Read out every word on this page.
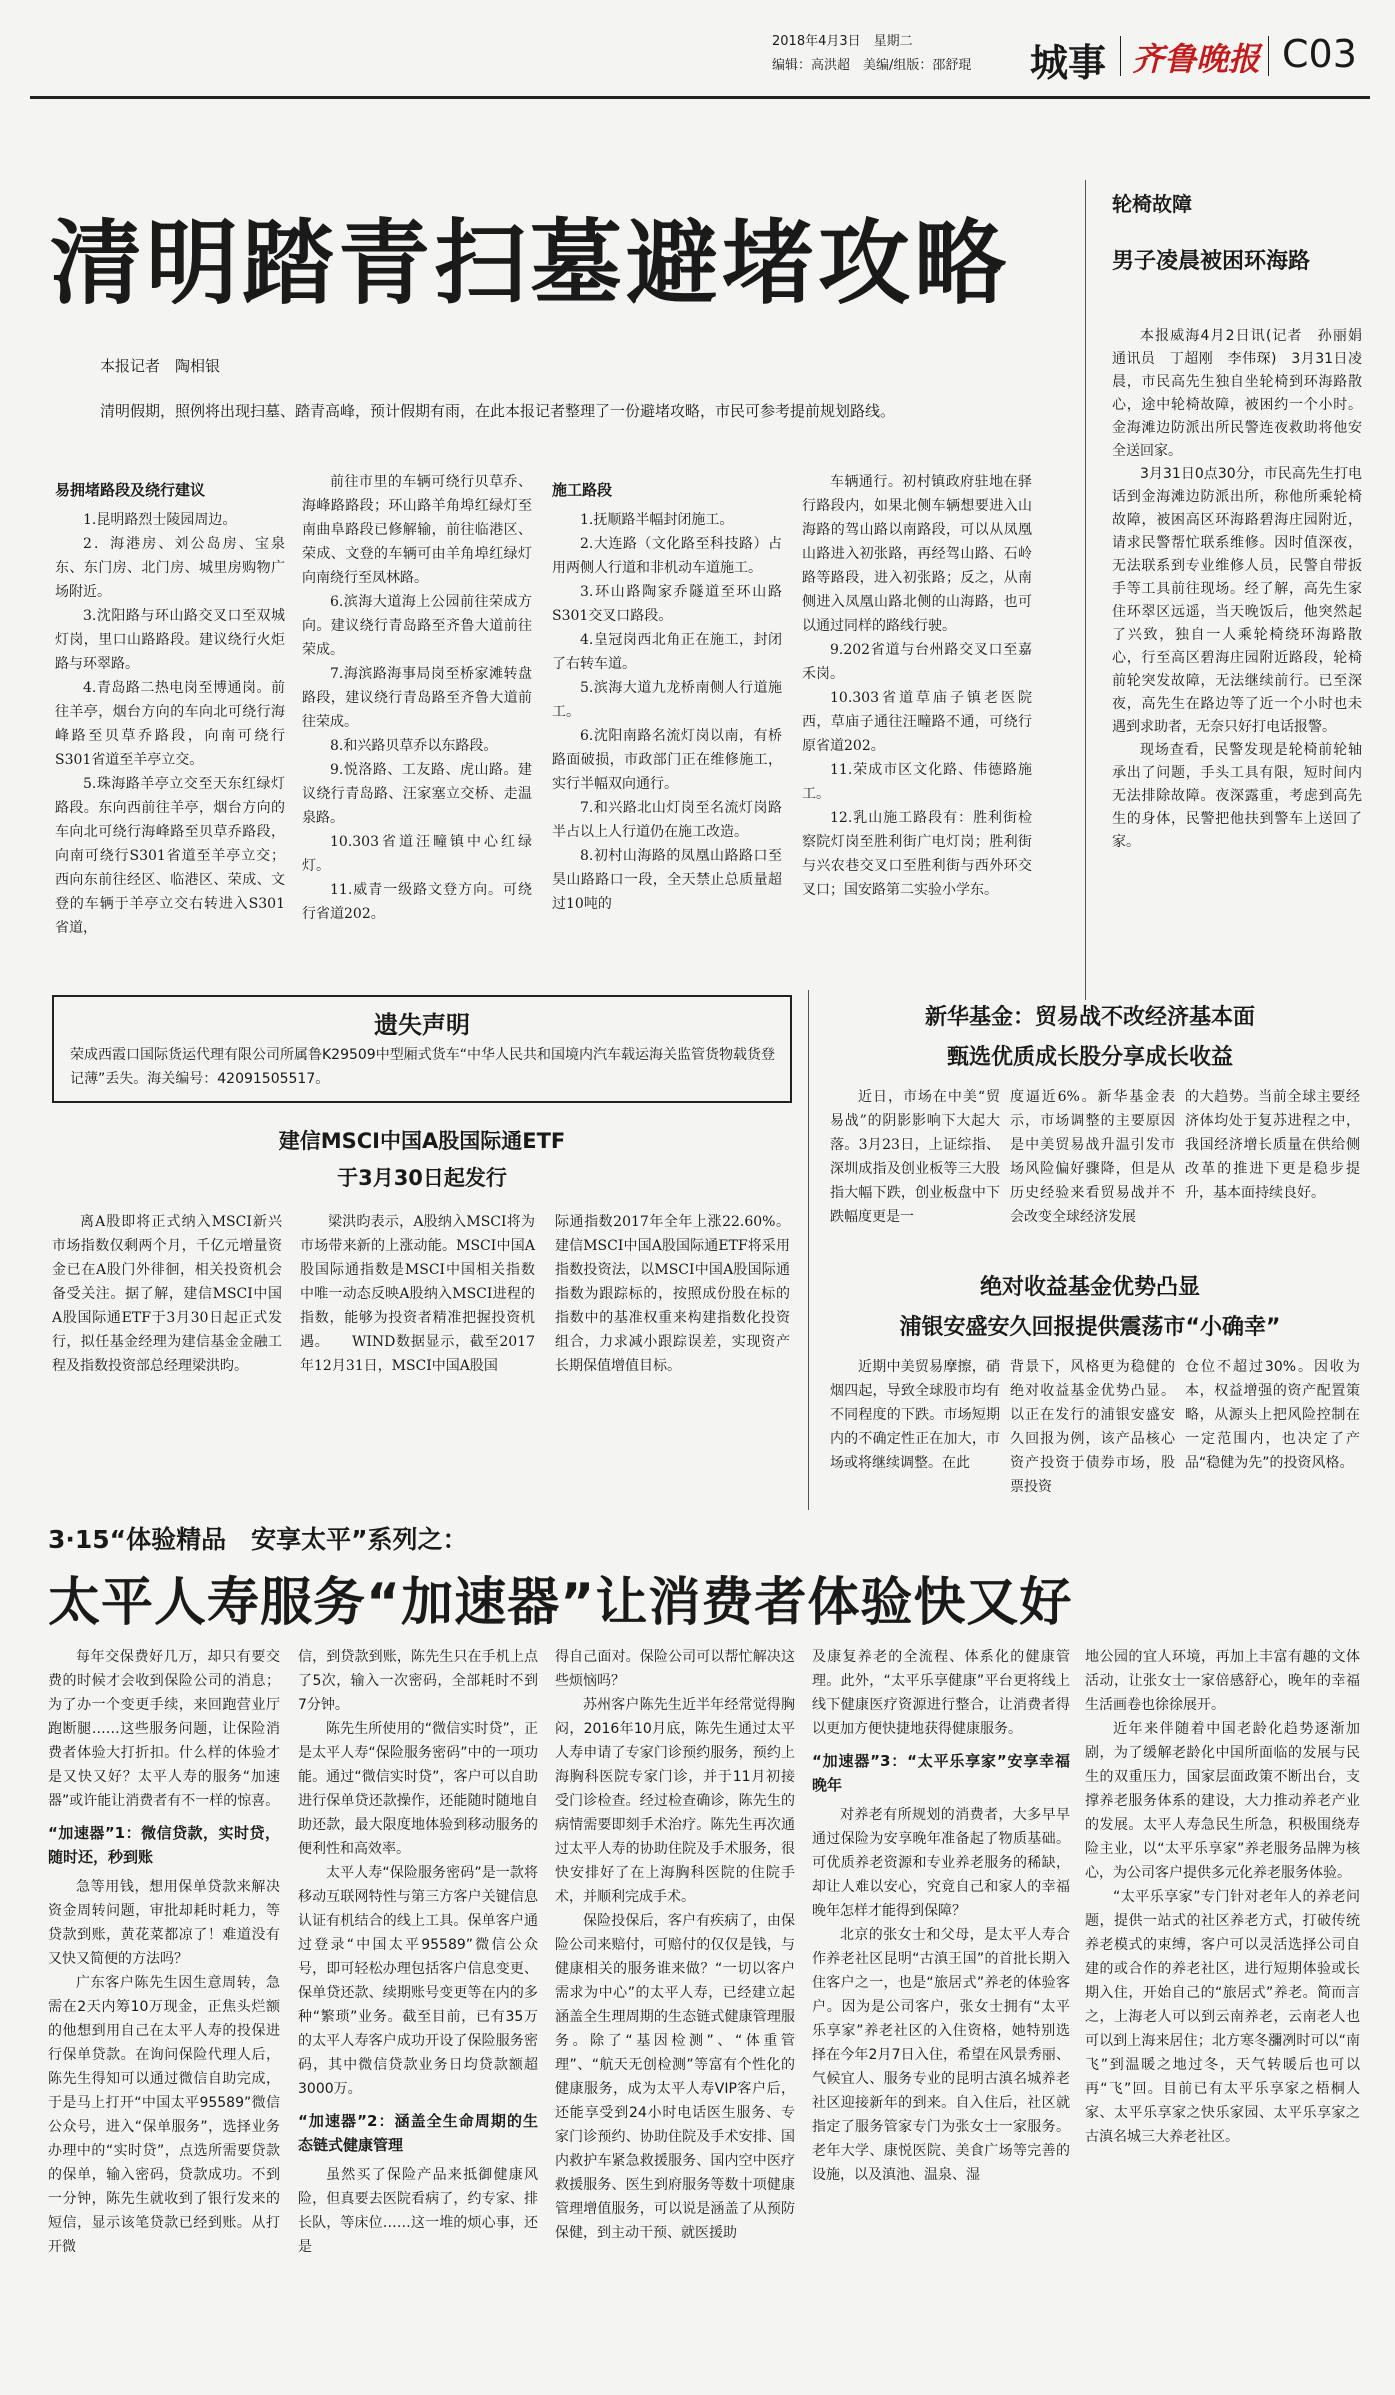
2018年4月3日　星期二
编辑：高洪超　美编/组版：邵舒琨 城事 齐鲁晚报 C03
清明踏青扫墓避堵攻略
本报记者　陶相银
清明假期，照例将出现扫墓、踏青高峰，预计假期有雨，在此本报记者整理了一份避堵攻略，市民可参考提前规划路线。
易拥堵路段及绕行建议

1.昆明路烈士陵园周边。

2．海港房、刘公岛房、宝泉东、东门房、北门房、城里房购物广场附近。

3.沈阳路与环山路交叉口至双城灯岗，里口山路路段。建议绕行火炬路与环翠路。

4.青岛路二热电岗至博通岗。前往羊亭，烟台方向的车向北可绕行海峰路至贝草乔路段，向南可绕行S301省道至羊亭立交。

5.珠海路羊亭立交至天东红绿灯路段。东向西前往羊亭，烟台方向的车向北可绕行海峰路至贝草乔路段，向南可绕行S301省道至羊亭立交；西向东前往经区、临港区、荣成、文登的车辆于羊亭立交右转进入S301省道，

前往市里的车辆可绕行贝草乔、海峰路路段；环山路羊角埠红绿灯至南曲阜路段已修解输，前往临港区、荣成、文登的车辆可由羊角埠红绿灯向南绕行至凤林路。

6.滨海大道海上公园前往荣成方向。建议绕行青岛路至齐鲁大道前往荣成。

7.海滨路海事局岗至桥家滩转盘路段，建议绕行青岛路至齐鲁大道前往荣成。

8.和兴路贝草乔以东路段。

9.悦洛路、工友路、虎山路。建议绕行青岛路、汪家塞立交桥、走温泉路。

10.303省道汪疃镇中心红绿灯。

11.威青一级路文登方向。可绕行省道202。

施工路段

1.抚顺路半幅封闭施工。

2.大连路（文化路至科技路）占用两侧人行道和非机动车道施工。

3.环山路陶家乔隧道至环山路S301交叉口路段。

4.皇冠岗西北角正在施工，封闭了右转车道。

5.滨海大道九龙桥南侧人行道施工。

6.沈阳南路名流灯岗以南，有桥路面破损，市政部门正在维修施工，实行半幅双向通行。

7.和兴路北山灯岗至名流灯岗路半占以上人行道仍在施工改造。

8.初村山海路的凤凰山路路口至昊山路路口一段，全天禁止总质量超过10吨的

车辆通行。初村镇政府驻地在驿行路段内，如果北侧车辆想要进入山海路的驾山路以南路段，可以从凤凰山路进入初张路，再经驾山路、石岭路等路段，进入初张路；反之，从南侧进入凤凰山路北侧的山海路，也可以通过同样的路线行驶。

9.202省道与台州路交叉口至嘉禾岗。

10.303省道草庙子镇老医院西，草庙子通往汪疃路不通，可绕行原省道202。

11.荣成市区文化路、伟德路施工。

12.乳山施工路段有：胜利街检察院灯岗至胜利街广电灯岗；胜利街与兴农巷交叉口至胜利街与西外环交叉口；国安路第二实验小学东。

轮椅故障
男子凌晨被困环海路

本报威海4月2日讯(记者　孙丽娟　通讯员　丁超刚　李伟琛)　3月31日凌晨，市民高先生独自坐轮椅到环海路散心，途中轮椅故障，被困约一个小时。金海滩边防派出所民警连夜救助将他安全送回家。

3月31日0点30分，市民高先生打电话到金海滩边防派出所，称他所乘轮椅故障，被困高区环海路碧海庄园附近，请求民警帮忙联系维修。因时值深夜，无法联系到专业维修人员，民警自带扳手等工具前往现场。经了解，高先生家住环翠区远遥，当天晚饭后，他突然起了兴致，独自一人乘轮椅绕环海路散心，行至高区碧海庄园附近路段，轮椅前轮突发故障，无法继续前行。已至深夜，高先生在路边等了近一个小时也未遇到求助者，无奈只好打电话报警。

现场查看，民警发现是轮椅前轮轴承出了问题，手头工具有限，短时间内无法排除故障。夜深露重，考虑到高先生的身体，民警把他扶到警车上送回了家。

遗失声明
荣成西霞口国际货运代理有限公司所属鲁K29509中型厢式货车“中华人民共和国境内汽车载运海关监管货物载货登记薄”丢失。海关编号：42091505517。
建信MSCI中国A股国际通ETF
于3月30日起发行
离A股即将正式纳入MSCI新兴市场指数仅剩两个月，千亿元增量资金已在A股门外徘徊，相关投资机会备受关注。据了解，建信MSCI中国A股国际通ETF于3月30日起正式发行，拟任基金经理为建信基金金融工程及指数投资部总经理梁洪昀。
梁洪昀表示，A股纳入MSCI将为市场带来新的上涨动能。MSCI中国A股国际通指数是MSCI中国相关指数中唯一动态反映A股纳入MSCI进程的指数，能够为投资者精准把握投资机遇。　　WIND数据显示，截至2017年12月31日，MSCI中国A股国
际通指数2017年全年上涨22.60%。建信MSCI中国A股国际通ETF将采用指数投资法，以MSCI中国A股国际通指数为跟踪标的，按照成份股在标的指数中的基准权重来构建指数化投资组合，力求减小跟踪误差，实现资产长期保值增值目标。
新华基金：贸易战不改经济基本面
甄选优质成长股分享成长收益
近日，市场在中美“贸易战”的阴影影响下大起大落。3月23日，上证综指、深圳成指及创业板等三大股指大幅下跌，创业板盘中下跌幅度更是一
度逼近6%。新华基金表示，市场调整的主要原因是中美贸易战升温引发市场风险偏好骤降，但是从历史经验来看贸易战并不会改变全球经济发展
的大趋势。当前全球主要经济体均处于复苏进程之中，我国经济增长质量在供给侧改革的推进下更是稳步提升，基本面持续良好。
绝对收益基金优势凸显
浦银安盛安久回报提供震荡市“小确幸”
近期中美贸易摩擦，硝烟四起，导致全球股市均有不同程度的下跌。市场短期内的不确定性正在加大，市场或将继续调整。在此
背景下，风格更为稳健的绝对收益基金优势凸显。以正在发行的浦银安盛安久回报为例，该产品核心资产投资于债券市场，股票投资
仓位不超过30%。因收为本，权益增强的资产配置策略，从源头上把风险控制在一定范围内，也决定了产品“稳健为先”的投资风格。
3·15“体验精品　安享太平”系列之：
太平人寿服务“加速器”让消费者体验快又好

每年交保费好几万，却只有要交费的时候才会收到保险公司的消息；为了办一个变更手续，来回跑营业厅跑断腿……这些服务问题，让保险消费者体验大打折扣。什么样的体验才是又快又好？太平人寿的服务“加速器”或许能让消费者有不一样的惊喜。

“加速器”1：微信贷款，实时贷，随时还，秒到账

急等用钱，想用保单贷款来解决资金周转问题，审批却耗时耗力，等贷款到账，黄花菜都凉了！难道没有又快又简便的方法吗？

广东客户陈先生因生意周转，急需在2天内筹10万现金，正焦头烂额的他想到用自己在太平人寿的投保进行保单贷款。在询问保险代理人后，陈先生得知可以通过微信自助完成，于是马上打开“中国太平95589”微信公众号，进入“保单服务”，选择业务办理中的“实时贷”，点选所需要贷款的保单，输入密码，贷款成功。不到一分钟，陈先生就收到了银行发来的短信，显示该笔贷款已经到账。从打开微

信，到贷款到账，陈先生只在手机上点了5次，输入一次密码，全部耗时不到7分钟。

陈先生所使用的“微信实时贷”，正是太平人寿“保险服务密码”中的一项功能。通过“微信实时贷”，客户可以自助进行保单贷还款操作，还能随时随地自助还款，最大限度地体验到移动服务的便利性和高效率。

太平人寿“保险服务密码”是一款将移动互联网特性与第三方客户关键信息认证有机结合的线上工具。保单客户通过登录“中国太平95589”微信公众号，即可轻松办理包括客户信息变更、保单贷还款、续期账号变更等在内的多种“繁琐”业务。截至目前，已有35万的太平人寿客户成功开设了保险服务密码，其中微信贷款业务日均贷款额超3000万。

“加速器”2：涵盖全生命周期的生态链式健康管理

虽然买了保险产品来抵御健康风险，但真要去医院看病了，约专家、排长队，等床位……这一堆的烦心事，还是

得自己面对。保险公司可以帮忙解决这些烦恼吗？

苏州客户陈先生近半年经常觉得胸闷，2016年10月底，陈先生通过太平人寿申请了专家门诊预约服务，预约上海胸科医院专家门诊，并于11月初接受门诊检查。经过检查确诊，陈先生的病情需要即刻手术治疗。陈先生再次通过太平人寿的协助住院及手术服务，很快安排好了在上海胸科医院的住院手术，并顺利完成手术。

保险投保后，客户有疾病了，由保险公司来赔付，可赔付的仅仅是钱，与健康相关的服务谁来做？“一切以客户需求为中心”的太平人寿，已经建立起涵盖全生理周期的生态链式健康管理服务。除了“基因检测”、“体重管理”、“航天无创检测”等富有个性化的健康服务，成为太平人寿VIP客户后，还能享受到24小时电话医生服务、专家门诊预约、协助住院及手术安排、国内救护车紧急救援服务、国内空中医疗救援服务、医生到府服务等数十项健康管理增值服务，可以说是涵盖了从预防保健，到主动干预、就医援助

及康复养老的全流程、体系化的健康管理。此外，“太平乐享健康”平台更将线上线下健康医疗资源进行整合，让消费者得以更加方便快捷地获得健康服务。

“加速器”3：“太平乐享家”安享幸福晚年

对养老有所规划的消费者，大多早早通过保险为安享晚年准备起了物质基础。可优质养老资源和专业养老服务的稀缺，却让人难以安心，究竟自己和家人的幸福晚年怎样才能得到保障？

北京的张女士和父母，是太平人寿合作养老社区昆明“古滇王国”的首批长期入住客户之一，也是“旅居式”养老的体验客户。因为是公司客户，张女士拥有“太平乐享家”养老社区的入住资格，她特别选择在今年2月7日入住，希望在风景秀丽、气候宜人、服务专业的昆明古滇名城养老社区迎接新年的到来。自入住后，社区就指定了服务管家专门为张女士一家服务。老年大学、康悦医院、美食广场等完善的设施，以及滇池、温泉、湿

地公园的宜人环境，再加上丰富有趣的文体活动，让张女士一家倍感舒心，晚年的幸福生活画卷也徐徐展开。

近年来伴随着中国老龄化趋势逐渐加剧，为了缓解老龄化中国所面临的发展与民生的双重压力，国家层面政策不断出台，支撑养老服务体系的建设，大力推动养老产业的发展。太平人寿急民生所急，积极围绕寿险主业，以“太平乐享家”养老服务品牌为核心，为公司客户提供多元化养老服务体验。

“太平乐享家”专门针对老年人的养老问题，提供一站式的社区养老方式，打破传统养老模式的束缚，客户可以灵活选择公司自建的或合作的养老社区，进行短期体验或长期入住，开始自己的“旅居式”养老。简而言之，上海老人可以到云南养老，云南老人也可以到上海来居住；北方寒冬瀰冽时可以“南飞”到温暖之地过冬，天气转暖后也可以再“飞”回。目前已有太平乐享家之梧桐人家、太平乐享家之快乐家园、太平乐享家之古滇名城三大养老社区。
